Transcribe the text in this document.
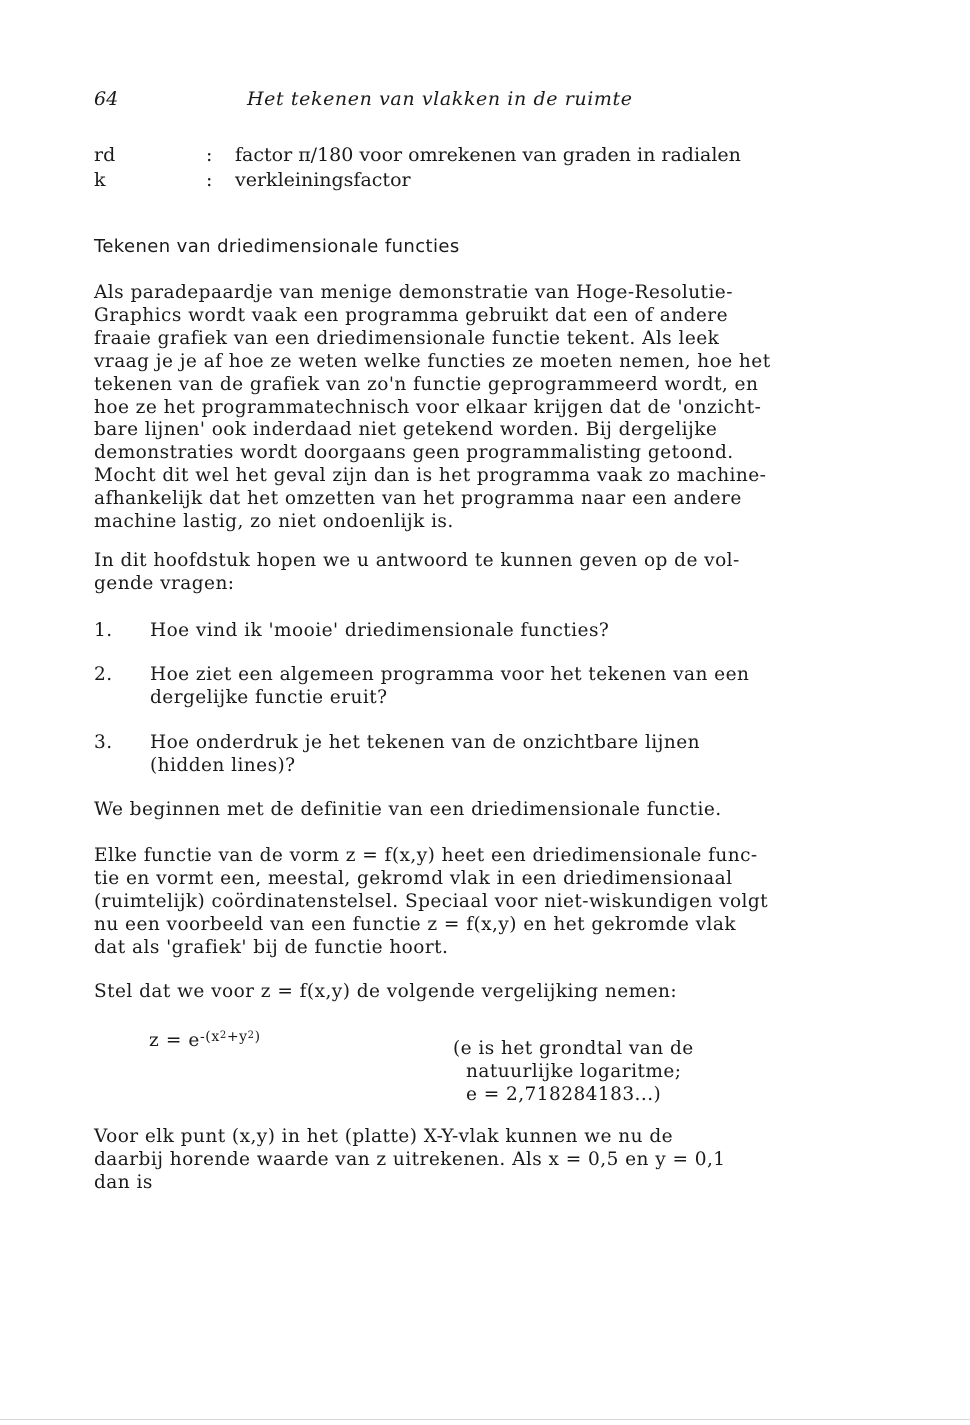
64	Het tekenen van vlakken in de ruimte
rd	: factor π/180 voor omrekenen van graden in radialen
k	: verkleiningsfactor
Tekenen van driedimensionale functies

Als paradepaardje van menige demonstratie van Hoge-Resolutie-
Graphics wordt vaak een programma gebruikt dat een of andere
fraaie grafiek van een driedimensionale functie tekent. Als leek
vraag je je af hoe ze weten welke functies ze moeten nemen, hoe het
tekenen van de grafiek van zo'n functie geprogrammeerd wordt, en
hoe ze het programmatechnisch voor elkaar krijgen dat de 'onzicht-
bare lijnen' ook inderdaad niet getekend worden. Bij dergelijke
demonstraties wordt doorgaans geen programmalisting getoond.
Mocht dit wel het geval zijn dan is het programma vaak zo machine-
afhankelijk dat het omzetten van het programma naar een andere
machine lastig, zo niet ondoenlijk is.

In dit hoofdstuk hopen we u antwoord te kunnen geven op de vol-
gende vragen:

1. Hoe vind ik 'mooie' driedimensionale functies?
2. Hoe ziet een algemeen programma voor het tekenen van een
dergelijke functie eruit?
3. Hoe onderdruk je het tekenen van de onzichtbare lijnen
(hidden lines)?

We beginnen met de definitie van een driedimensionale functie.

Elke functie van de vorm z = f(x,y) heet een driedimensionale func-
tie en vormt een, meestal, gekromd vlak in een driedimensionaal
(ruimtelijk) coördinatenstelsel. Speciaal voor niet-wiskundigen volgt
nu een voorbeeld van een functie z = f(x,y) en het gekromde vlak
dat als 'grafiek' bij de functie hoort.

Stel dat we voor z = f(x,y) de volgende vergelijking nemen:

$z = e^{-(x^2+y^2)}$
(e is het grondtal van de
natuurlijke logaritme;
e = 2,718284183...)

Voor elk punt (x,y) in het (platte) X-Y-vlak kunnen we nu de
daarbij horende waarde van z uitrekenen. Als x = 0,5 en y = 0,1
dan is
